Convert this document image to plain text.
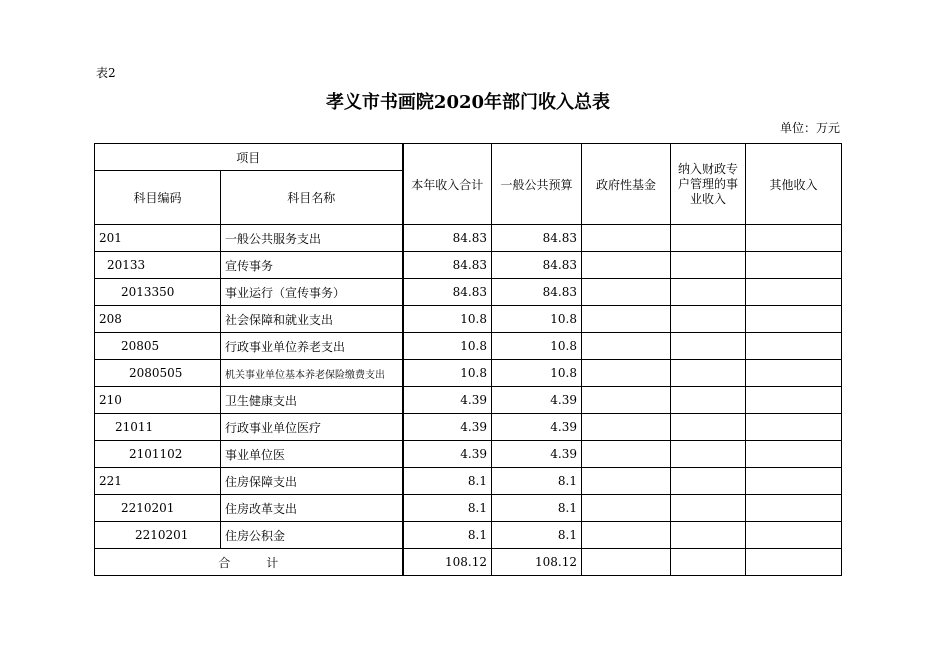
表2
孝义市书画院2020年部门收入总表
单位：万元
项目		本年收入合计	一般公共预算	政府性基金	纳入财政专户管理的事业收入	其他收入
科目编码	科目名称					
201	一般公共服务支出	84.83	84.83			
20133	宣传事务	84.83	84.83			
2013350	事业运行（宣传事务）	84.83	84.83			
208	社会保障和就业支出	10.8	10.8			
20805	行政事业单位养老支出	10.8	10.8			
2080505	机关事业单位基本养老保险缴费支出	10.8	10.8			
210	卫生健康支出	4.39	4.39			
21011	行政事业单位医疗	4.39	4.39			
2101102	事业单位医	4.39	4.39			
221	住房保障支出	8.1	8.1			
2210201	住房改革支出	8.1	8.1			
2210201	住房公积金	8.1	8.1			
合　　　计		108.12	108.12			
